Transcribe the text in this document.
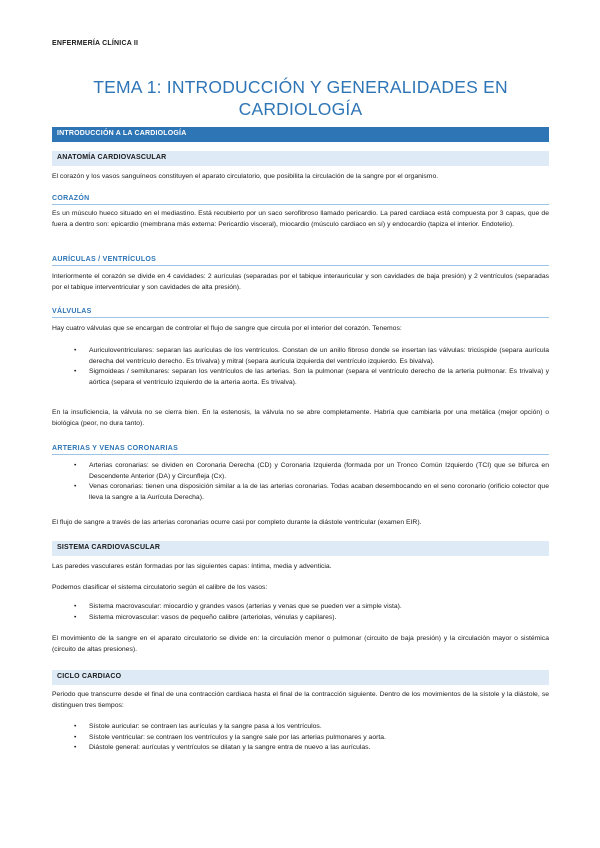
ENFERMERÍA CLÍNICA II
TEMA 1: INTRODUCCIÓN Y GENERALIDADES EN
CARDIOLOGÍA
INTRODUCCIÓN A LA CARDIOLOGÍA
ANATOMÍA CARDIOVASCULAR
El corazón y los vasos sanguíneos constituyen el aparato circulatorio, que posibilita la circulación de la sangre por el organismo.
CORAZÓN
Es un músculo hueco situado en el mediastino. Está recubierto por un saco serofibroso llamado pericardio. La pared cardiaca está compuesta por 3 capas, que de fuera a dentro son: epicardio (membrana más externa: Pericardio visceral), miocardio (músculo cardiaco en sí) y endocardio (tapiza el interior. Endotelio).
AURÍCULAS / VENTRÍCULOS
Interiormente el corazón se divide en 4 cavidades: 2 aurículas (separadas por el tabique interauricular y son cavidades de baja presión) y 2 ventrículos (separadas por el tabique interventricular y son cavidades de alta presión).
VÁLVULAS
Hay cuatro válvulas que se encargan de controlar el flujo de sangre que circula por el interior del corazón. Tenemos:
• Auriculoventriculares: separan las aurículas de los ventrículos. Constan de un anillo fibroso donde se insertan las válvulas: tricúspide (separa aurícula derecha del ventrículo derecho. Es trivalva) y mitral (separa aurícula izquierda del ventrículo izquierdo. Es bivalva).
• Sigmoideas / semilunares: separan los ventrículos de las arterias. Son la pulmonar (separa el ventrículo derecho de la arteria pulmonar. Es trivalva) y aórtica (separa el ventrículo izquierdo de la arteria aorta. Es trivalva).
En la insuficiencia, la válvula no se cierra bien. En la estenosis, la válvula no se abre completamente. Habría que cambiarla por una metálica (mejor opción) o biológica (peor, no dura tanto).
ARTERIAS Y VENAS CORONARIAS
• Arterias coronarias: se dividen en Coronaria Derecha (CD) y Coronaria Izquierda (formada por un Tronco Común Izquierdo (TCI) que se bifurca en Descendente Anterior (DA) y Circunfleja (Cx).
• Venas coronarias: tienen una disposición similar a la de las arterias coronarias. Todas acaban desembocando en el seno coronario (orificio colector que lleva la sangre a la Aurícula Derecha).
El flujo de sangre a través de las arterias coronarias ocurre casi por completo durante la diástole ventricular (examen EIR).
SISTEMA CARDIOVASCULAR
Las paredes vasculares están formadas por las siguientes capas: íntima, media y adventicia.
Podemos clasificar el sistema circulatorio según el calibre de los vasos:
• Sistema macrovascular: miocardio y grandes vasos (arterias y venas que se pueden ver a simple vista).
• Sistema microvascular: vasos de pequeño calibre (arteriolas, vénulas y capilares).
El movimiento de la sangre en el aparato circulatorio se divide en: la circulación menor o pulmonar (circuito de baja presión) y la circulación mayor o sistémica (circuito de altas presiones).
CICLO CARDIACO
Periodo que transcurre desde el final de una contracción cardiaca hasta el final de la contracción siguiente. Dentro de los movimientos de la sístole y la diástole, se distinguen tres tiempos:
• Sístole auricular: se contraen las aurículas y la sangre pasa a los ventrículos.
• Sístole ventricular: se contraen los ventrículos y la sangre sale por las arterias pulmonares y aorta.
• Diástole general: aurículas y ventrículos se dilatan y la sangre entra de nuevo a las aurículas.
